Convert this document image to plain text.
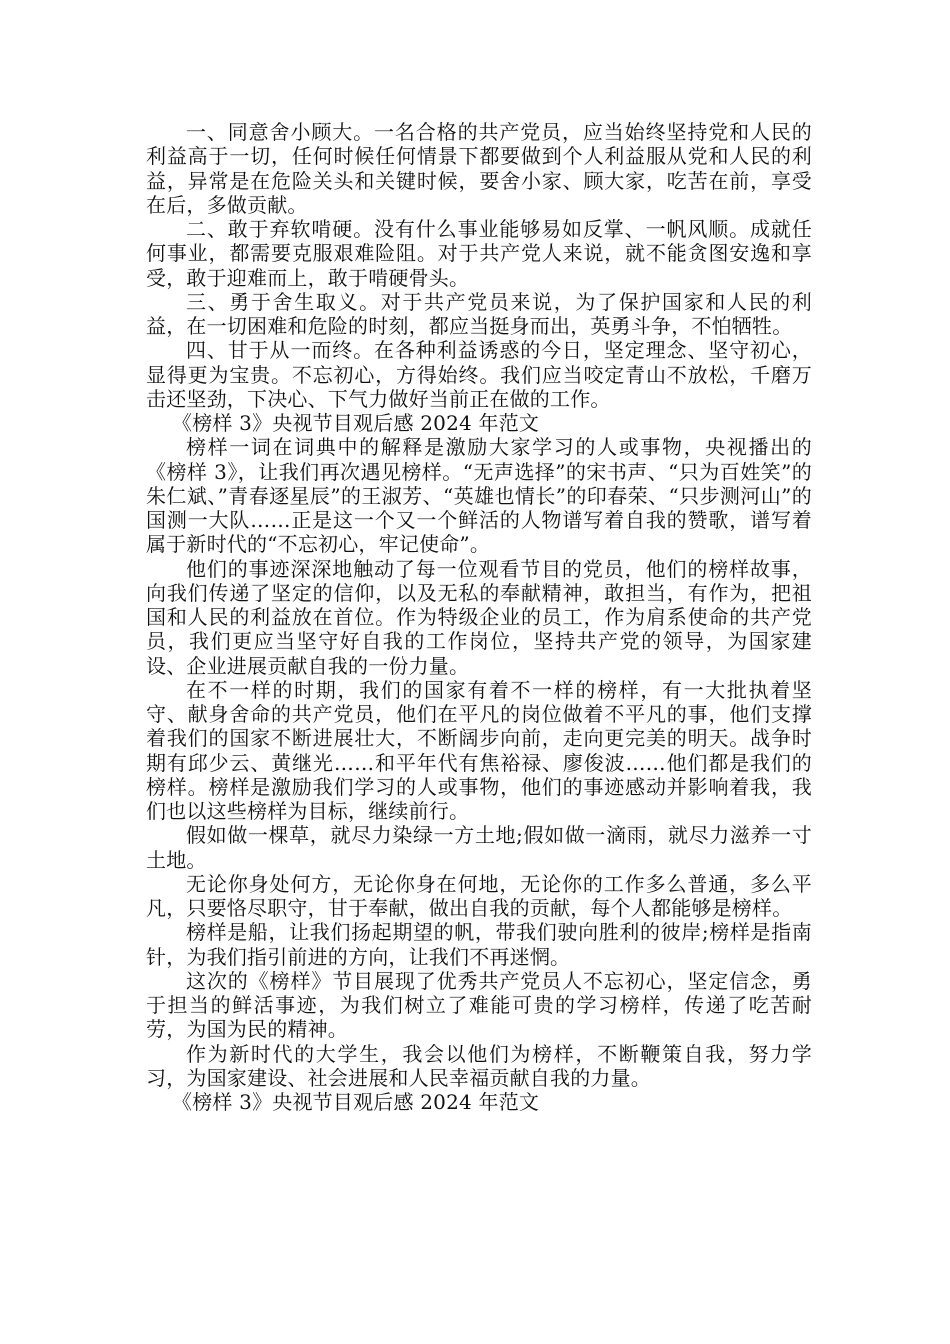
一、同意舍小顾大。一名合格的共产党员，应当始终坚持党和人民的利益高于一切，任何时候任何情景下都要做到个人利益服从党和人民的利益，异常是在危险关头和关键时候，要舍小家、顾大家，吃苦在前，享受在后，多做贡献。

二、敢于弃软啃硬。没有什么事业能够易如反掌、一帆风顺。成就任何事业，都需要克服艰难险阻。对于共产党人来说，就不能贪图安逸和享受，敢于迎难而上，敢于啃硬骨头。

三、勇于舍生取义。对于共产党员来说，为了保护国家和人民的利益，在一切困难和危险的时刻，都应当挺身而出，英勇斗争，不怕牺牲。

四、甘于从一而终。在各种利益诱惑的今日，坚定理念、坚守初心，显得更为宝贵。不忘初心，方得始终。我们应当咬定青山不放松，千磨万击还坚劲，下决心、下气力做好当前正在做的工作。

《榜样 3》央视节目观后感 2024 年范文

榜样一词在词典中的解释是激励大家学习的人或事物，央视播出的《榜样 3》，让我们再次遇见榜样。“无声选择”的宋书声、“只为百姓笑”的朱仁斌、”青春逐星辰”的王淑芳、“英雄也情长”的印春荣、“只步测河山”的国测一大队……正是这一个又一个鲜活的人物谱写着自我的赞歌，谱写着属于新时代的“不忘初心，牢记使命”。

他们的事迹深深地触动了每一位观看节目的党员，他们的榜样故事，向我们传递了坚定的信仰，以及无私的奉献精神，敢担当，有作为，把祖国和人民的利益放在首位。作为特级企业的员工，作为肩系使命的共产党员，我们更应当坚守好自我的工作岗位，坚持共产党的领导，为国家建设、企业进展贡献自我的一份力量。

在不一样的时期，我们的国家有着不一样的榜样，有一大批执着坚守、献身舍命的共产党员，他们在平凡的岗位做着不平凡的事，他们支撑着我们的国家不断进展壮大，不断阔步向前，走向更完美的明天。战争时期有邱少云、黄继光……和平年代有焦裕禄、廖俊波……他们都是我们的榜样。榜样是激励我们学习的人或事物，他们的事迹感动并影响着我，我们也以这些榜样为目标，继续前行。

假如做一棵草，就尽力染绿一方土地;假如做一滴雨，就尽力滋养一寸土地。

无论你身处何方，无论你身在何地，无论你的工作多么普通，多么平凡，只要恪尽职守，甘于奉献，做出自我的贡献，每个人都能够是榜样。

榜样是船，让我们扬起期望的帆，带我们驶向胜利的彼岸;榜样是指南针，为我们指引前进的方向，让我们不再迷惘。

这次的《榜样》节目展现了优秀共产党员人不忘初心，坚定信念，勇于担当的鲜活事迹，为我们树立了难能可贵的学习榜样，传递了吃苦耐劳，为国为民的精神。

作为新时代的大学生，我会以他们为榜样，不断鞭策自我，努力学习，为国家建设、社会进展和人民幸福贡献自我的力量。

《榜样 3》央视节目观后感 2024 年范文
